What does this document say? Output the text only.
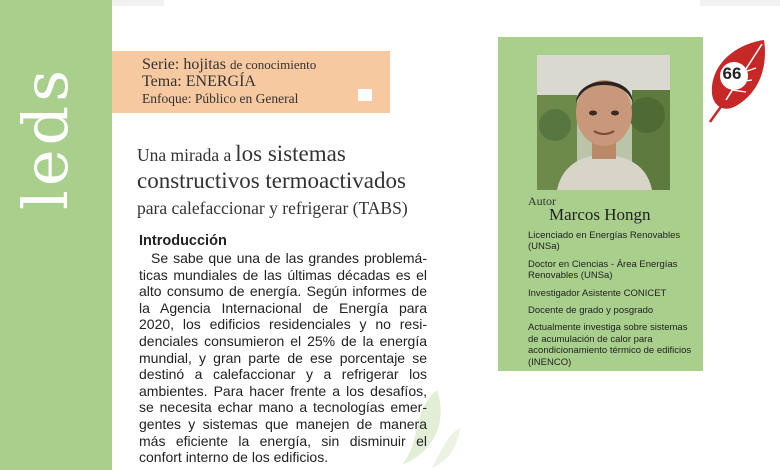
leds
Serie: hojitas de conocimiento
Tema: ENERGÍA
Enfoque: Público en General
Una mirada a los sistemas
constructivos termoactivados
para calefaccionar y refrigerar (TABS)
Introducción
Se sabe que una de las grandes problemá-
ticas mundiales de las últimas décadas es el
alto consumo de energía. Según informes de
la Agencia Internacional de Energía para
2020, los edificios residenciales y no resi-
denciales consumieron el 25% de la energía
mundial, y gran parte de ese porcentaje se
destinó a calefaccionar y a refrigerar los
ambientes. Para hacer frente a los desafíos,
se necesita echar mano a tecnologías emer-
gentes y sistemas que manejen de manera
más eficiente la energía, sin disminuir el
confort interno de los edificios.
Autor
Marcos Hongn
Licenciado en Energías Renovables (UNSa)
Doctor en Ciencias - Área Energías Renovables (UNSa)
Investigador Asistente CONICET
Docente de grado y posgrado
Actualmente investiga sobre sistemas de acumulación de calor para acondicionamiento térmico de edificios (INENCO)
66
